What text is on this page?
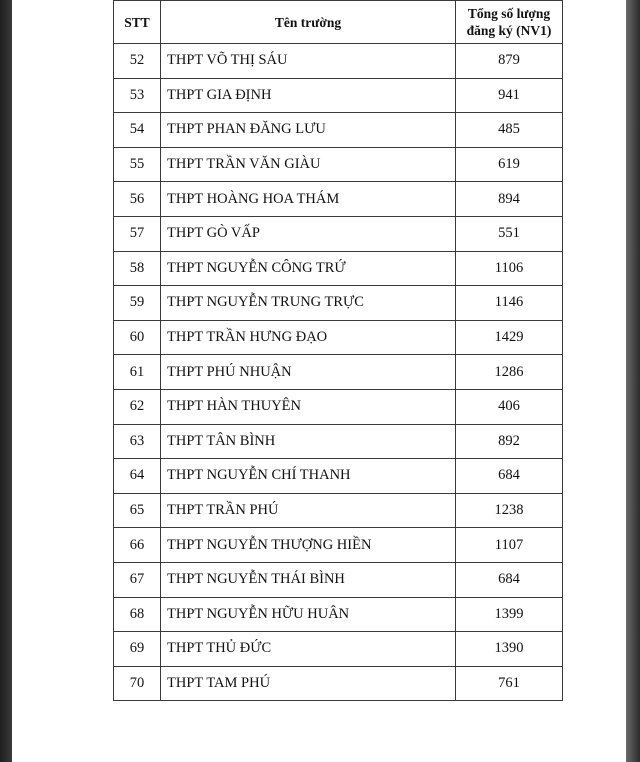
STT	Tên trường	Tổng số lượng
đăng ký (NV1)
52	THPT VÕ THỊ SÁU	879
53	THPT GIA ĐỊNH	941
54	THPT PHAN ĐĂNG LƯU	485
55	THPT TRẦN VĂN GIÀU	619
56	THPT HOÀNG HOA THÁM	894
57	THPT GÒ VẤP	551
58	THPT NGUYỄN CÔNG TRỨ	1106
59	THPT NGUYỄN TRUNG TRỰC	1146
60	THPT TRẦN HƯNG ĐẠO	1429
61	THPT PHÚ NHUẬN	1286
62	THPT HÀN THUYÊN	406
63	THPT TÂN BÌNH	892
64	THPT NGUYỄN CHÍ THANH	684
65	THPT TRẦN PHÚ	1238
66	THPT NGUYỄN THƯỢNG HIỀN	1107
67	THPT NGUYỄN THÁI BÌNH	684
68	THPT NGUYỄN HỮU HUÂN	1399
69	THPT THỦ ĐỨC	1390
70	THPT TAM PHÚ	761
